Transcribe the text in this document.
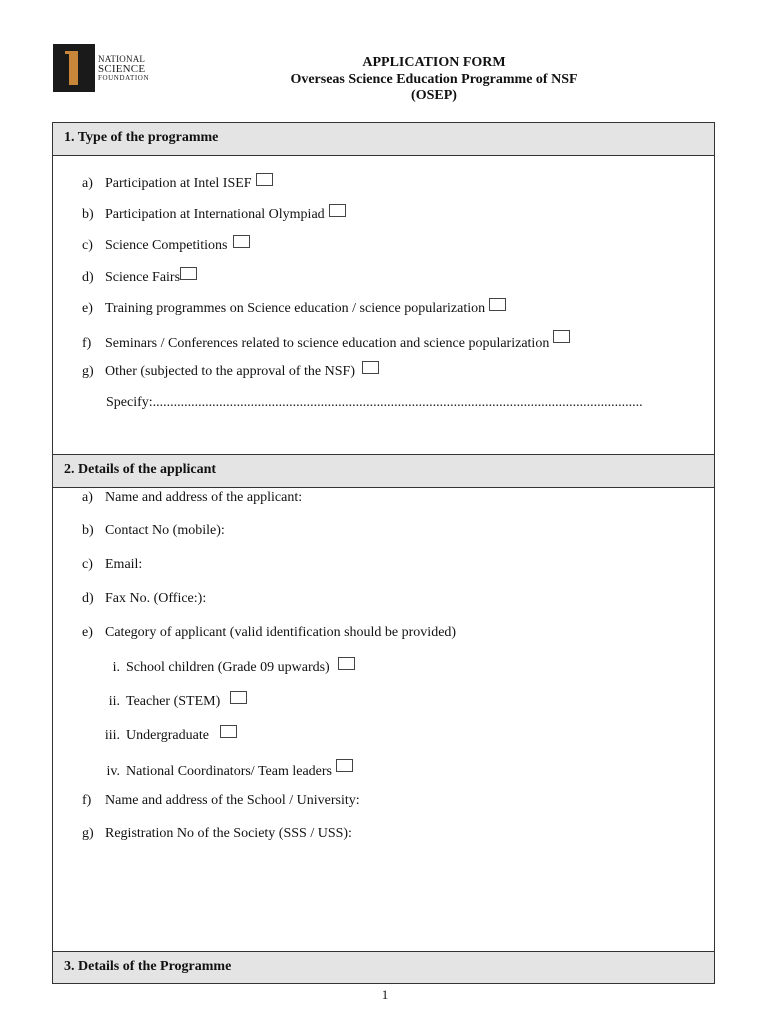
NATIONAL
SCIENCE
FOUNDATION
APPLICATION FORM
Overseas Science Education Programme of NSF
(OSEP)
1. Type of the programme
a) Participation at Intel ISEF
b) Participation at International Olympiad
c) Science Competitions
d) Science Fairs
e) Training programmes on Science education / science popularization
f) Seminars / Conferences related to science education and science popularization
g) Other (subjected to the approval of the NSF)
Specify:............................................................................................................................................
2. Details of the applicant
a) Name and address of the applicant:
b) Contact No (mobile):
c) Email:
d) Fax No. (Office:):
e) Category of applicant (valid identification should be provided)
i. School children (Grade 09 upwards)
ii. Teacher (STEM)
iii. Undergraduate
iv. National Coordinators/ Team leaders
f) Name and address of the School / University:
g) Registration No of the Society (SSS / USS):
3. Details of the Programme
1
